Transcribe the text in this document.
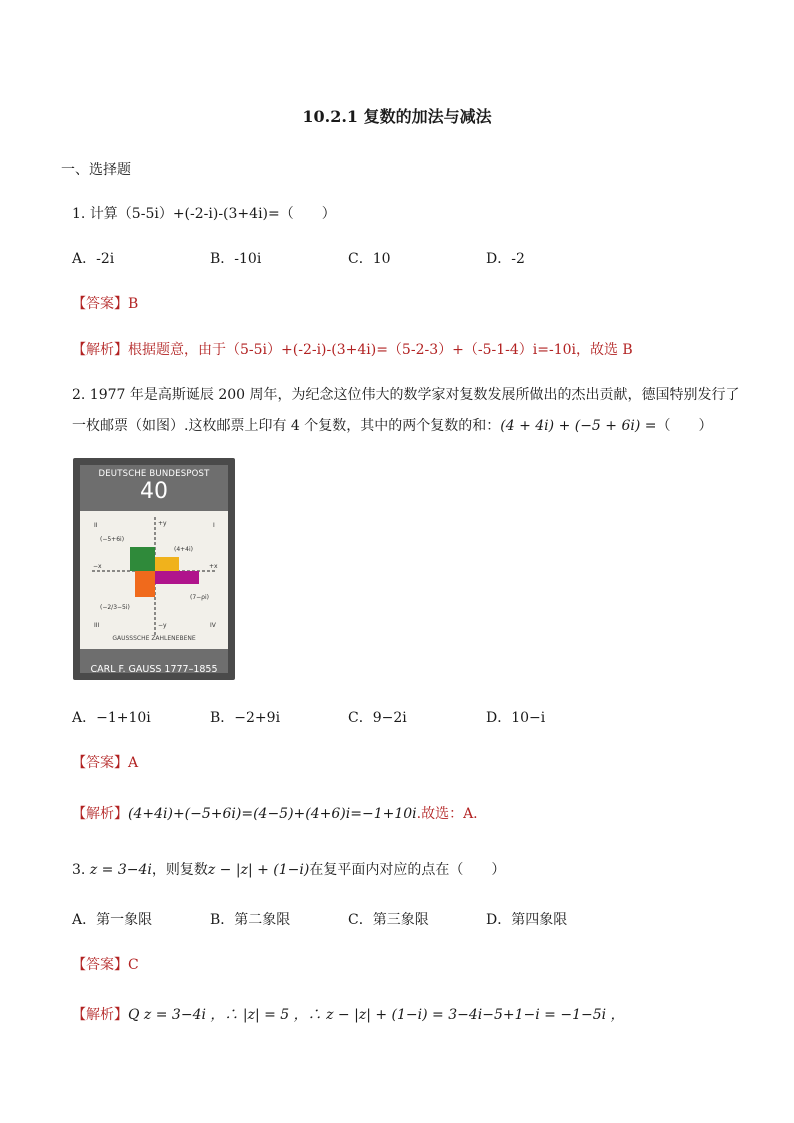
10.2.1 复数的加法与减法
一、选择题
1. 计算（5-5i）+(-2-i)-(3+4i)=（　　）
A．-2i	B．-10i	C．10	D．-2
【答案】B
【解析】根据题意，由于（5-5i）+(-2-i)-(3+4i)=（5-2-3）+（-5-1-4）i=-10i，故选 B
2. 1977 年是高斯诞辰 200 周年，为纪念这位伟大的数学家对复数发展所做出的杰出贡献，德国特别发行了
一枚邮票（如图）.这枚邮票上印有 4 个复数，其中的两个复数的和：(4 + 4i) + (−5 + 6i) =（　　）
DEUTSCHE BUNDESPOST
40
II	I
III	IV
+y
−y
+x
−x
(−5+6i)
(4+4i)
(7−ρi)
(−2/3−5i)
GAUSSSCHE ZAHLENEBENE
CARL F. GAUSS 1777–1855
A．−1+10i	B．−2+9i	C．9−2i	D．10−i
【答案】A
【解析】(4+4i)+(−5+6i)=(4−5)+(4+6)i=−1+10i.故选：A.
3. z = 3−4i，则复数z − |z| + (1−i)在复平面内对应的点在（　　）
A．第一象限	B．第二象限	C．第三象限	D．第四象限
【答案】C
【解析】Q z = 3−4i ，∴ |z| = 5 ，∴ z − |z| + (1−i) = 3−4i−5+1−i = −1−5i ，
